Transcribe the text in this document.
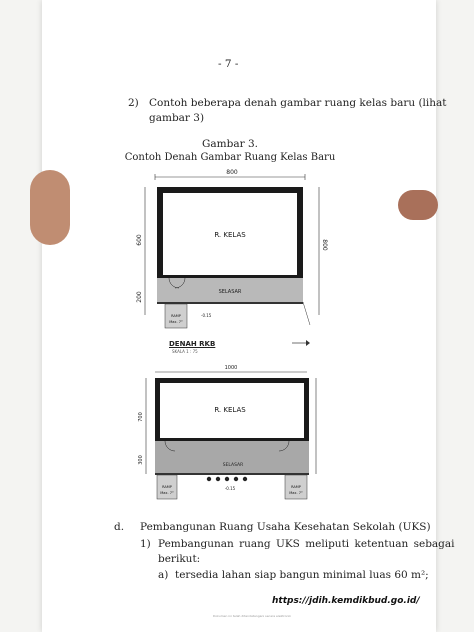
- 7 -
2) Contoh beberapa denah gambar ruang kelas baru (lihat
gambar 3)
Gambar 3.
Contoh Denah Gambar Ruang Kelas Baru
800
600
200
800
R. KELAS
SELASAR
RAMP
Max. 7°
-0.15
DENAH RKB
SKALA 1 : 75
1000
700
300
R. KELAS
SELASAR
-0.15
RAMP
Max. 7°
RAMP
Max. 7°
d. Pembangunan Ruang Usaha Kesehatan Sekolah (UKS)
1) Pembangunan ruang UKS meliputi ketentuan sebagai
berikut:
a) tersedia lahan siap bangun minimal luas 60 m²;
https://jdih.kemdikbud.go.id/
Dokumen ini telah ditandatangani secara elektronik
